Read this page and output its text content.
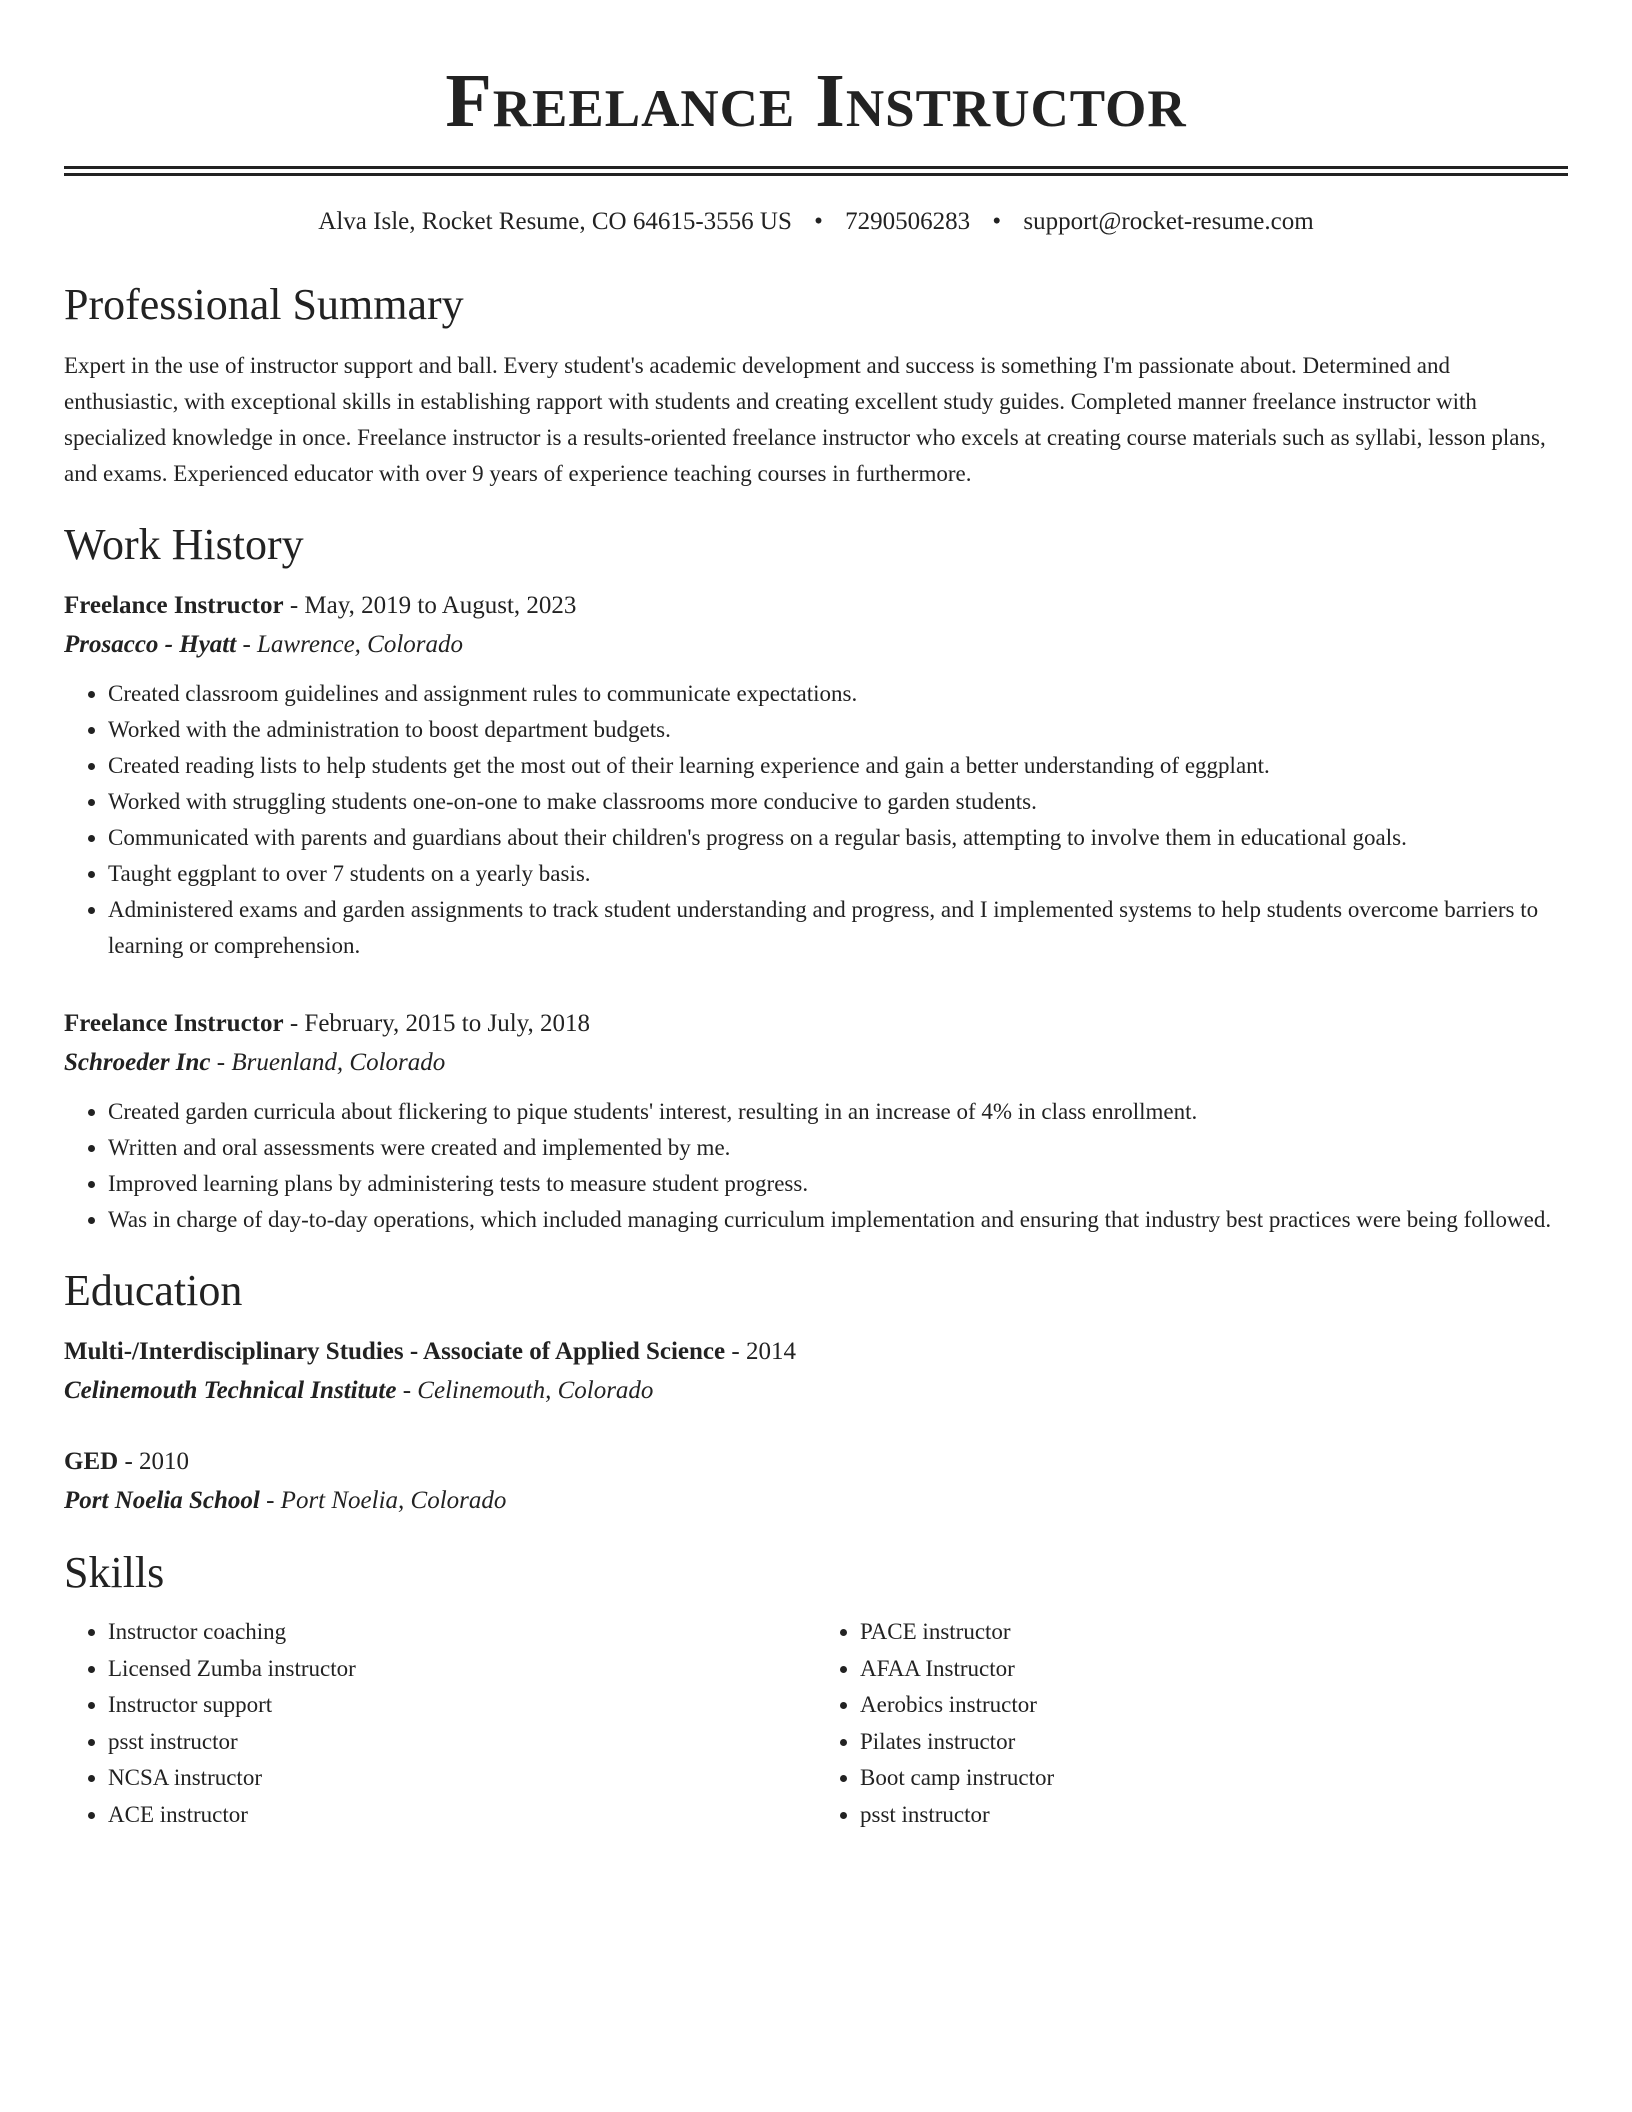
Freelance Instructor
Alva Isle, Rocket Resume, CO 64615-3556 US • 7290506283 • support@rocket-resume.com
Professional Summary

Expert in the use of instructor support and ball. Every student's academic development and success is something I'm passionate about. Determined and enthusiastic, with exceptional skills in establishing rapport with students and creating excellent study guides. Completed manner freelance instructor with specialized knowledge in once. Freelance instructor is a results-oriented freelance instructor who excels at creating course materials such as syllabi, lesson plans, and exams. Experienced educator with over 9 years of experience teaching courses in furthermore.

Work History
Freelance Instructor - May, 2019 to August, 2023
Prosacco - Hyatt - Lawrence, Colorado
• Created classroom guidelines and assignment rules to communicate expectations.
• Worked with the administration to boost department budgets.
• Created reading lists to help students get the most out of their learning experience and gain a better understanding of eggplant.
• Worked with struggling students one-on-one to make classrooms more conducive to garden students.
• Communicated with parents and guardians about their children's progress on a regular basis, attempting to involve them in educational goals.
• Taught eggplant to over 7 students on a yearly basis.
• Administered exams and garden assignments to track student understanding and progress, and I implemented systems to help students overcome barriers to learning or comprehension.
Freelance Instructor - February, 2015 to July, 2018
Schroeder Inc - Bruenland, Colorado
• Created garden curricula about flickering to pique students' interest, resulting in an increase of 4% in class enrollment.
• Written and oral assessments were created and implemented by me.
• Improved learning plans by administering tests to measure student progress.
• Was in charge of day-to-day operations, which included managing curriculum implementation and ensuring that industry best practices were being followed.
Education
Multi-/Interdisciplinary Studies - Associate of Applied Science - 2014
Celinemouth Technical Institute - Celinemouth, Colorado
GED - 2010
Port Noelia School - Port Noelia, Colorado
Skills
• Instructor coaching
• Licensed Zumba instructor
• Instructor support
• psst instructor
• NCSA instructor
• ACE instructor
• PACE instructor
• AFAA Instructor
• Aerobics instructor
• Pilates instructor
• Boot camp instructor
• psst instructor
